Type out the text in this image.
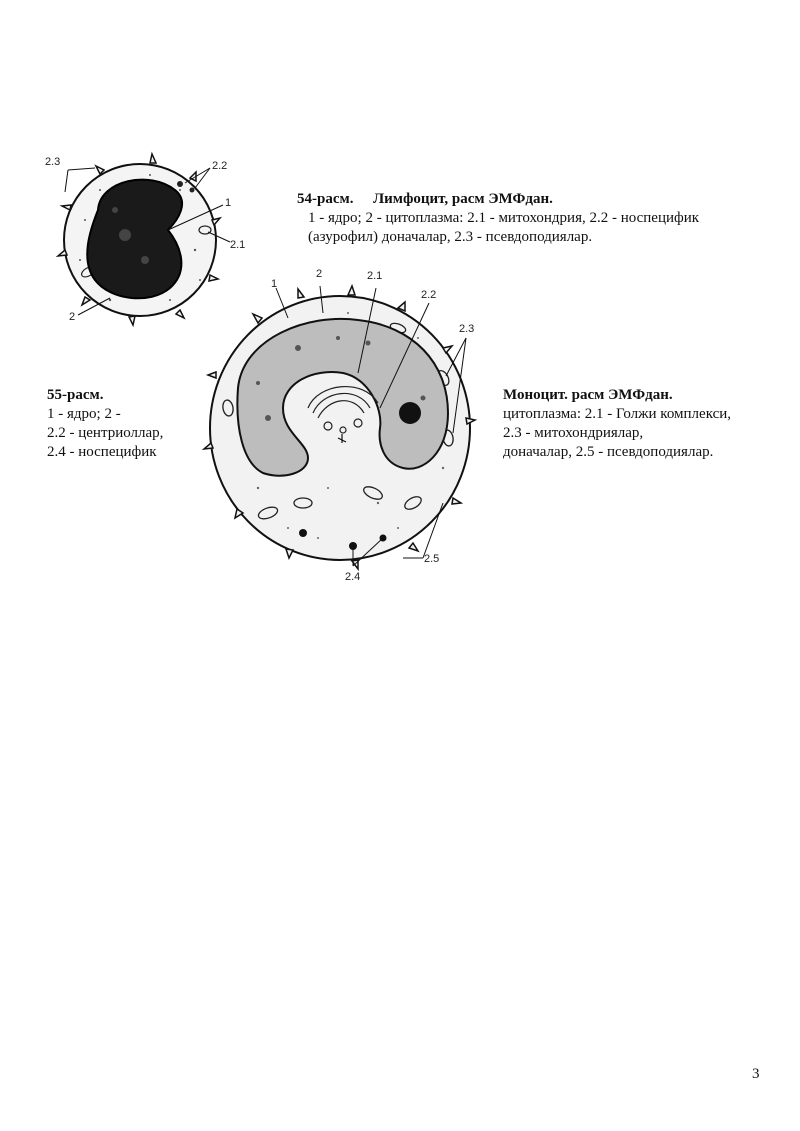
2.3	2.2
1
2.1
2
54-расм. Лимфоцит, расм ЭМФдан.
1 - ядро; 2 - цитоплазма: 2.1 - митохондрия, 2.2 - носпецифик
(азурофил) доначалар, 2.3 - псевдоподиялар.
1
2	2.1
2.2
2.3
2.4
2.5
55-расм.
1 - ядро; 2 -
2.2 - центриоллар,
2.4 - носпецифик
Моноцит. расм ЭМФдан.
цитоплазма: 2.1 - Голжи комплекси,
2.3 - митохондриялар,
доначалар, 2.5 - псевдоподиялар.
3
